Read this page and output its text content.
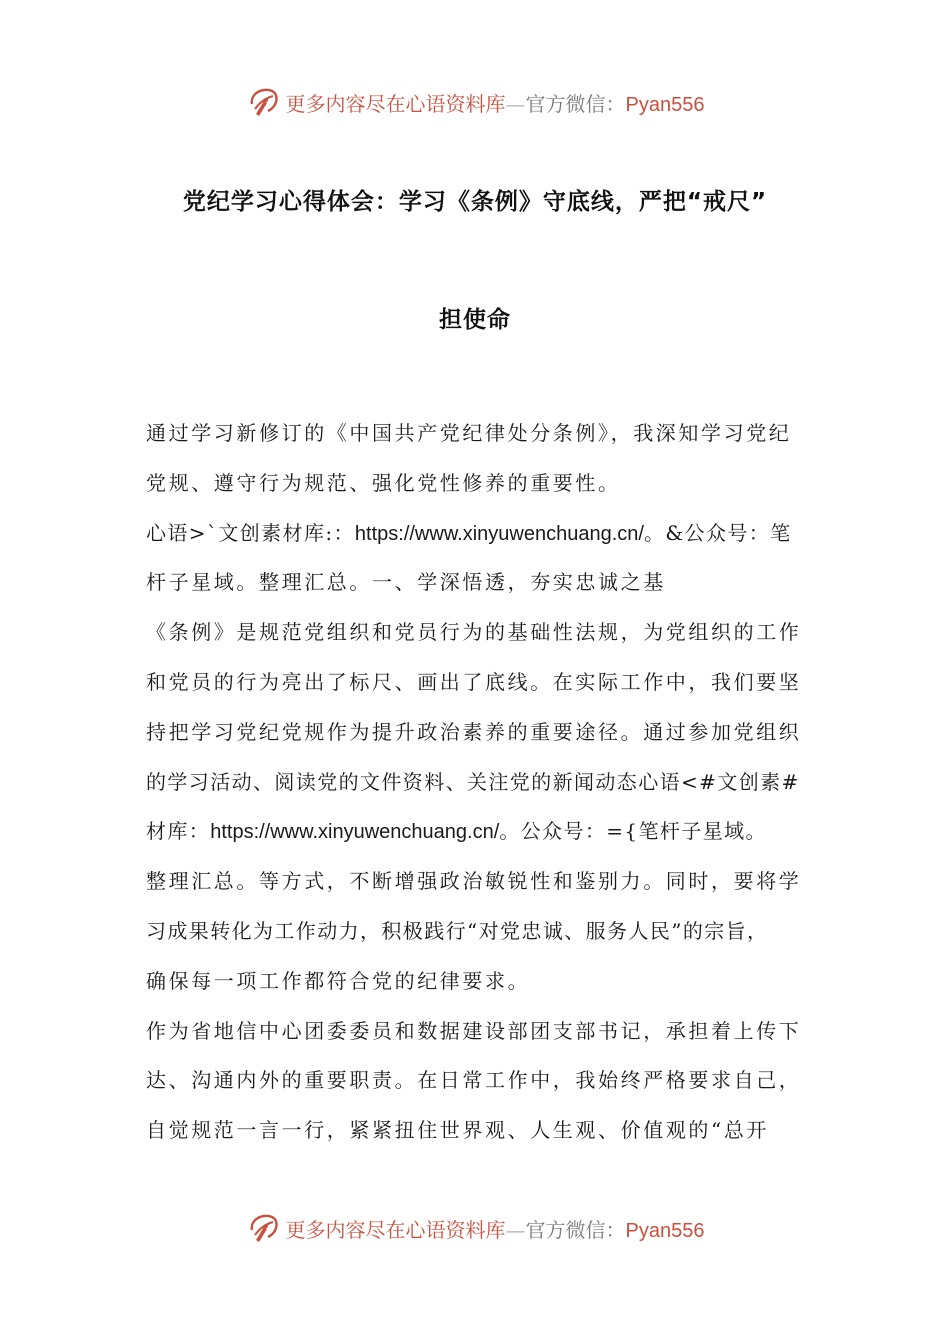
更多内容尽在心语资料库—官方微信：Pyan556
党纪学习心得体会：学习《条例》守底线，严把“戒尺”
担使命
通过学习新修订的《中国共产党纪律处分条例》，我深知学习党纪
党规、遵守行为规范、强化党性修养的重要性。
心语>`文创素材库:：https://www.xinyuwenchuang.cn/。&公众号：笔
杆子星域。整理汇总。一、学深悟透，夯实忠诚之基
《条例》是规范党组织和党员行为的基础性法规，为党组织的工作
和党员的行为亮出了标尺、画出了底线。在实际工作中，我们要坚
持把学习党纪党规作为提升政治素养的重要途径。通过参加党组织
的学习活动、阅读党的文件资料、关注党的新闻动态心语<#文创素#
材库：https://www.xinyuwenchuang.cn/。公众号：={笔杆子星域。
整理汇总。等方式，不断增强政治敏锐性和鉴别力。同时，要将学
习成果转化为工作动力，积极践行“对党忠诚、服务人民”的宗旨，
确保每一项工作都符合党的纪律要求。
作为省地信中心团委委员和数据建设部团支部书记，承担着上传下
达、沟通内外的重要职责。在日常工作中，我始终严格要求自己，
自觉规范一言一行，紧紧扭住世界观、人生观、价值观的“总开
更多内容尽在心语资料库—官方微信：Pyan556
